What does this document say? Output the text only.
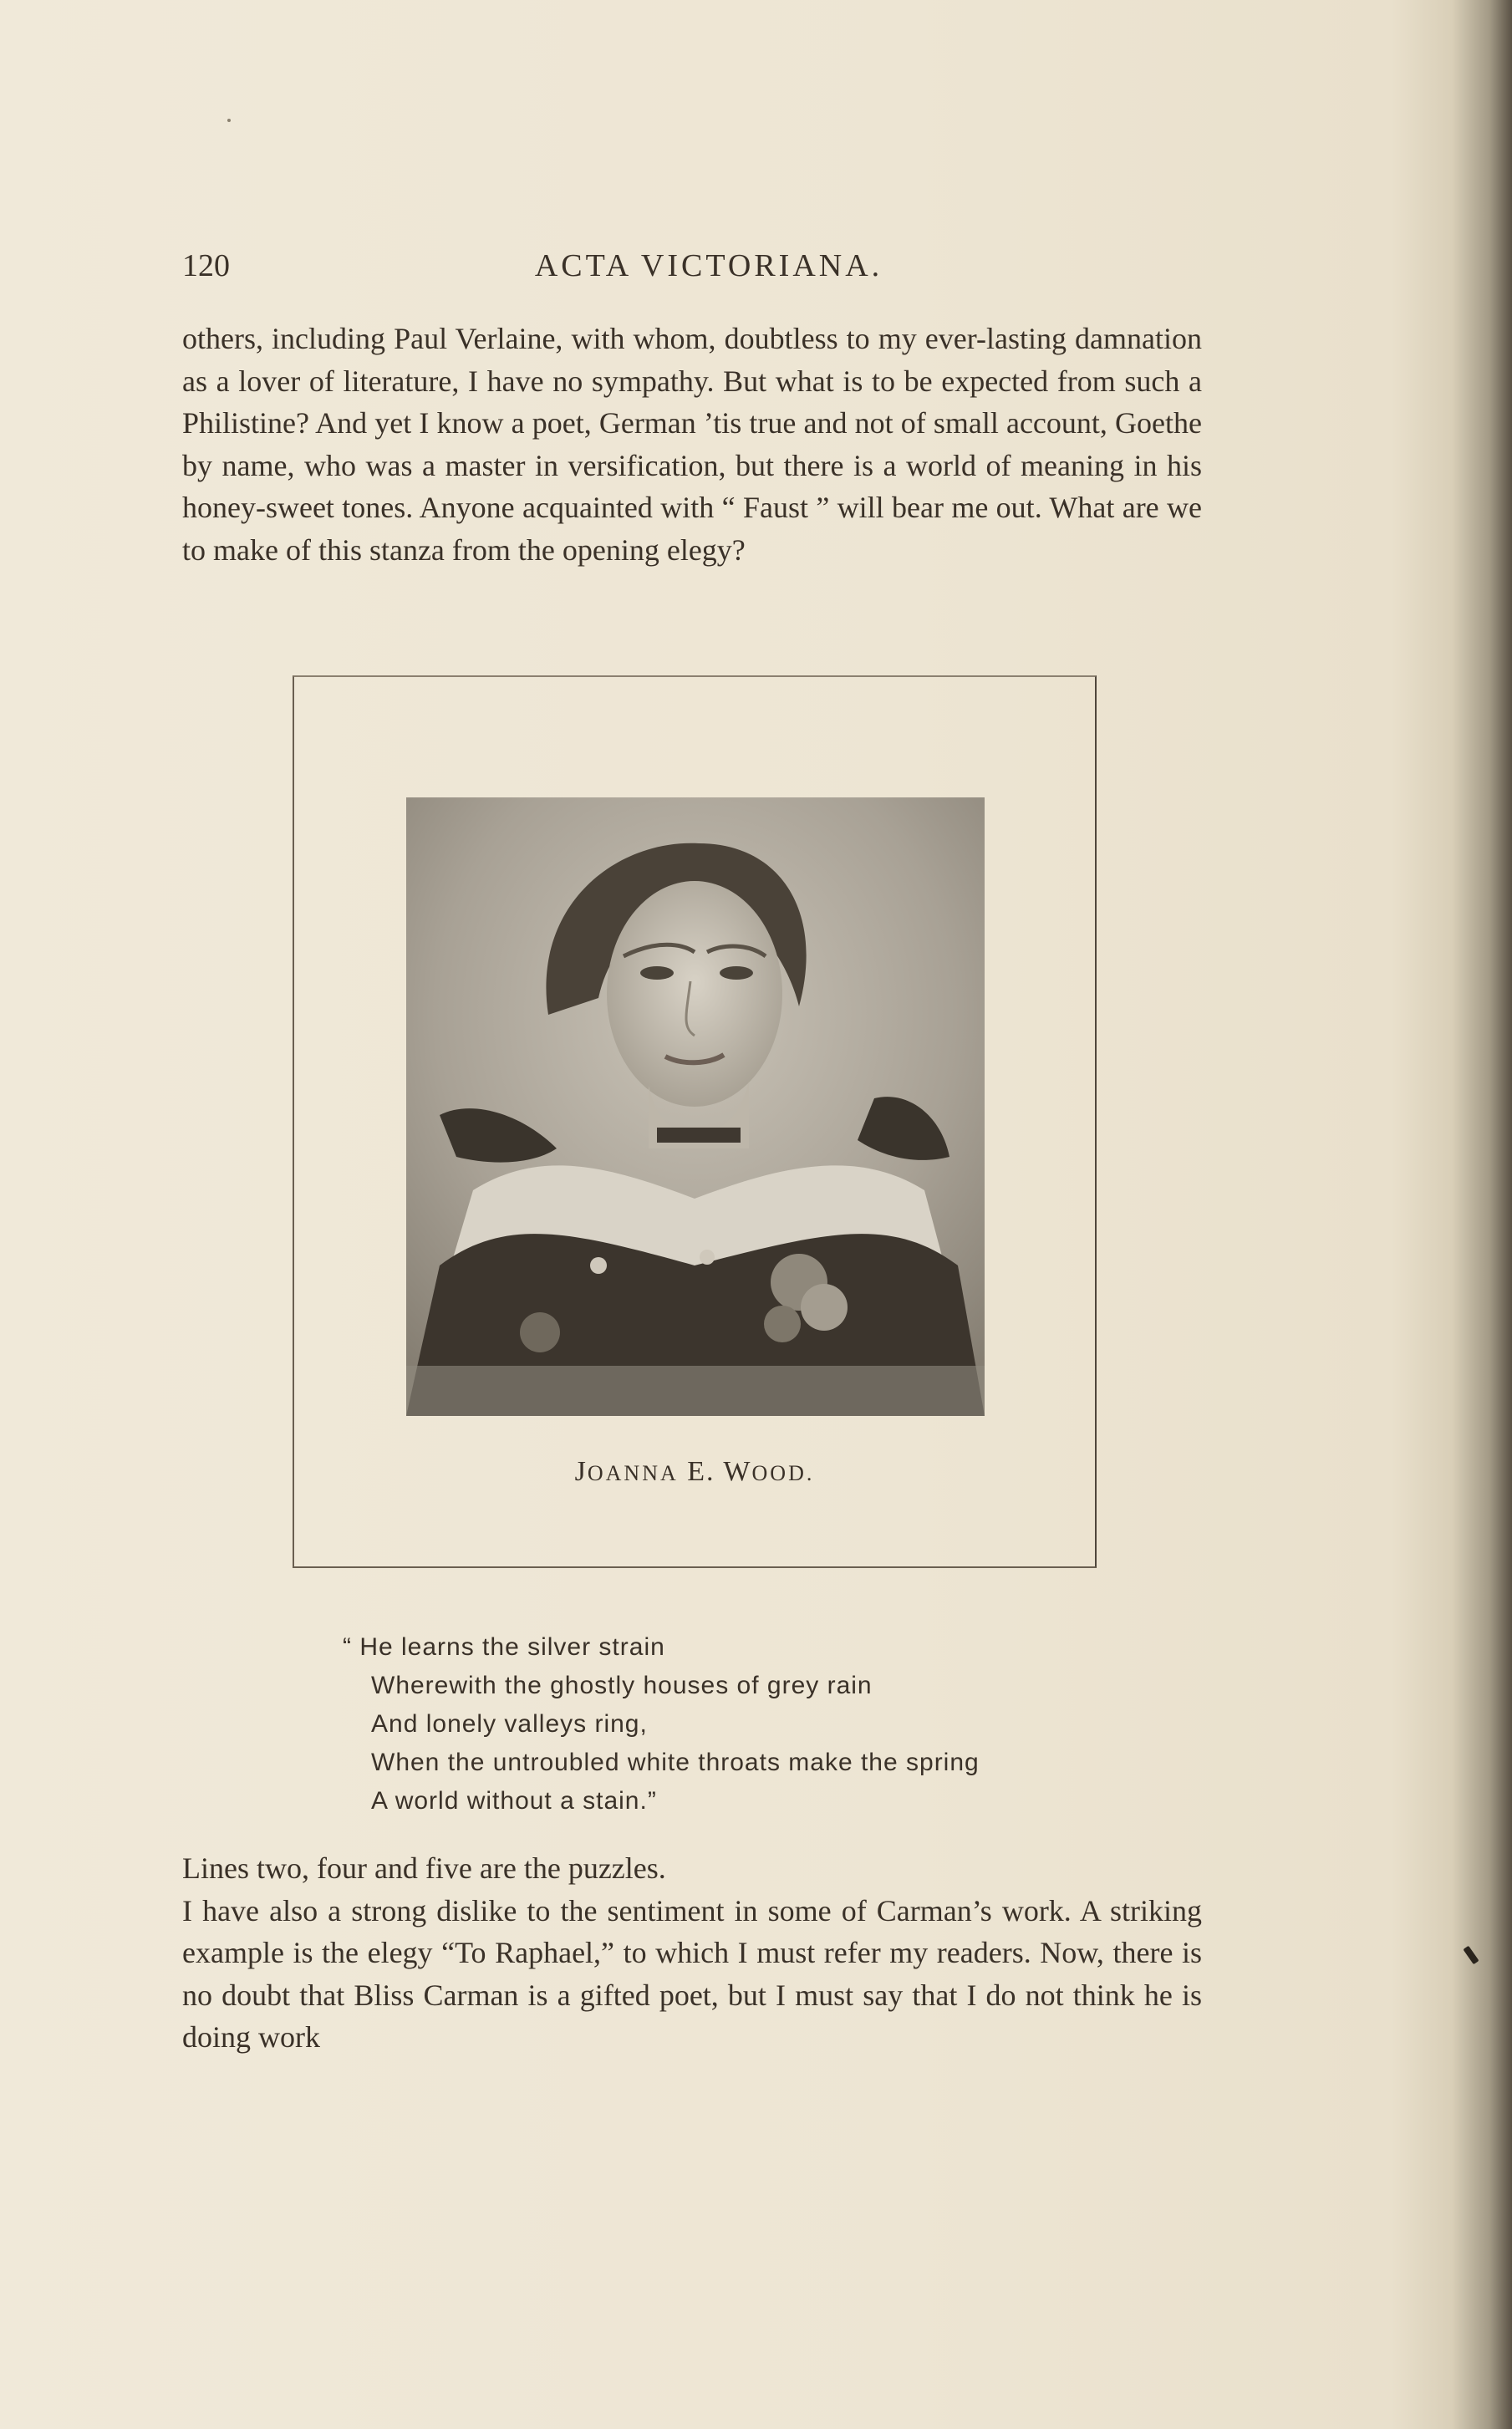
120	ACTA VICTORIANA.

others, including Paul Verlaine, with whom, doubtless to my ever-lasting damnation as a lover of literature, I have no sympathy. But what is to be expected from such a Philistine? And yet I know a poet, German ’tis true and not of small account, Goethe by name, who was a master in versification, but there is a world of meaning in his honey-sweet tones. Anyone acquainted with “ Faust ” will bear me out. What are we to make of this stanza from the opening elegy?

JOANNA E. WOOD.
“ He learns the silver strain
Wherewith the ghostly houses of grey rain
And lonely valleys ring,
When the untroubled white throats make the spring
A world without a stain.”

Lines two, four and five are the puzzles.

I have also a strong dislike to the sentiment in some of Carman’s work. A striking example is the elegy “To Raphael,” to which I must refer my readers. Now, there is no doubt that Bliss Carman is a gifted poet, but I must say that I do not think he is doing work
